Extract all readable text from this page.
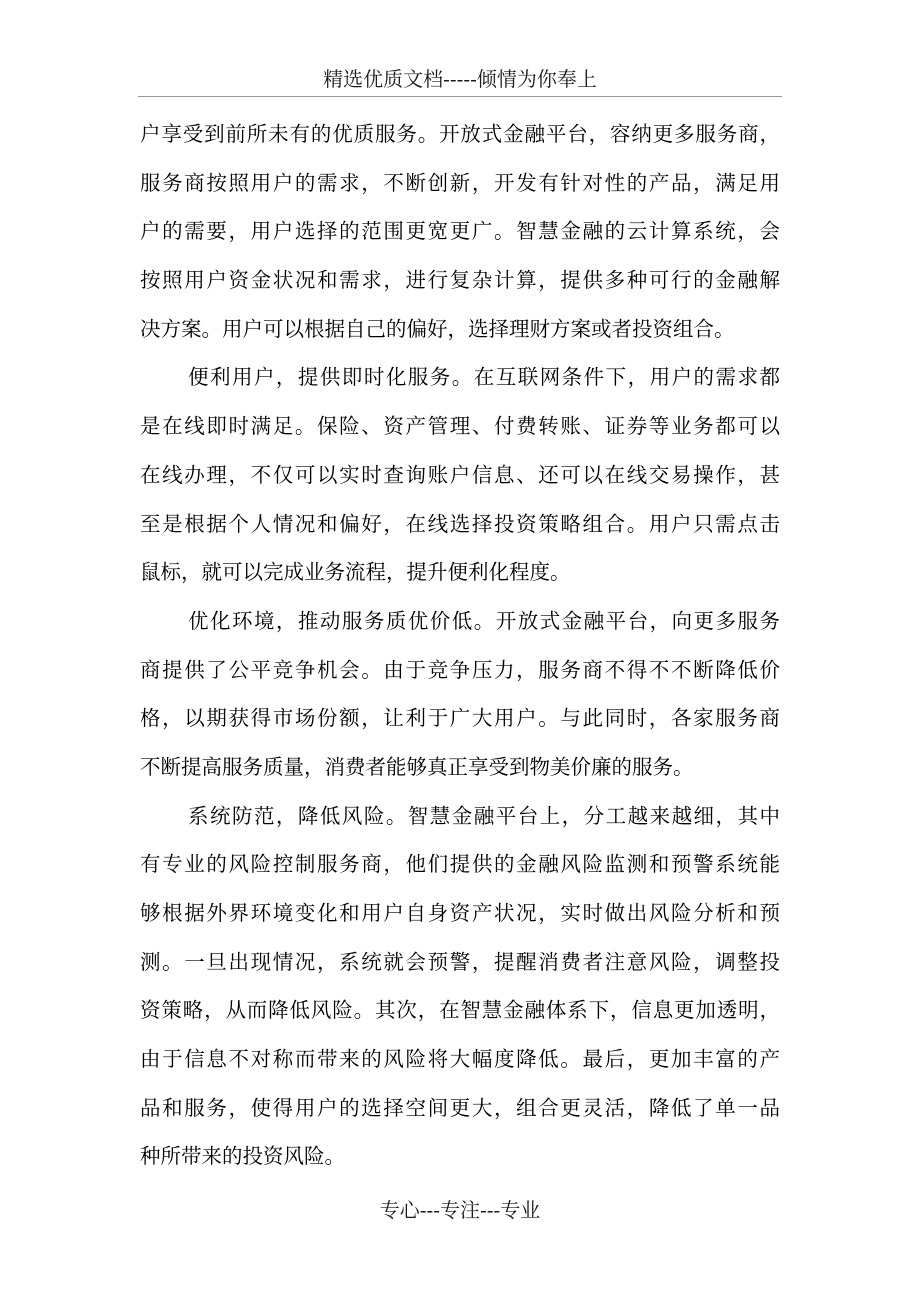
精选优质文档-----倾情为你奉上
户享受到前所未有的优质服务。开放式金融平台，容纳更多服务商，
服务商按照用户的需求，不断创新，开发有针对性的产品，满足用
户的需要，用户选择的范围更宽更广。智慧金融的云计算系统，会
按照用户资金状况和需求，进行复杂计算，提供多种可行的金融解
决方案。用户可以根据自己的偏好，选择理财方案或者投资组合。
便利用户，提供即时化服务。在互联网条件下，用户的需求都
是在线即时满足。保险、资产管理、付费转账、证券等业务都可以
在线办理，不仅可以实时查询账户信息、还可以在线交易操作，甚
至是根据个人情况和偏好，在线选择投资策略组合。用户只需点击
鼠标，就可以完成业务流程，提升便利化程度。
优化环境，推动服务质优价低。开放式金融平台，向更多服务
商提供了公平竞争机会。由于竞争压力，服务商不得不不断降低价
格，以期获得市场份额，让利于广大用户。与此同时，各家服务商
不断提高服务质量，消费者能够真正享受到物美价廉的服务。
系统防范，降低风险。智慧金融平台上，分工越来越细，其中
有专业的风险控制服务商，他们提供的金融风险监测和预警系统能
够根据外界环境变化和用户自身资产状况，实时做出风险分析和预
测。一旦出现情况，系统就会预警，提醒消费者注意风险，调整投
资策略，从而降低风险。其次，在智慧金融体系下，信息更加透明，
由于信息不对称而带来的风险将大幅度降低。最后，更加丰富的产
品和服务，使得用户的选择空间更大，组合更灵活，降低了单一品
种所带来的投资风险。
专心---专注---专业
